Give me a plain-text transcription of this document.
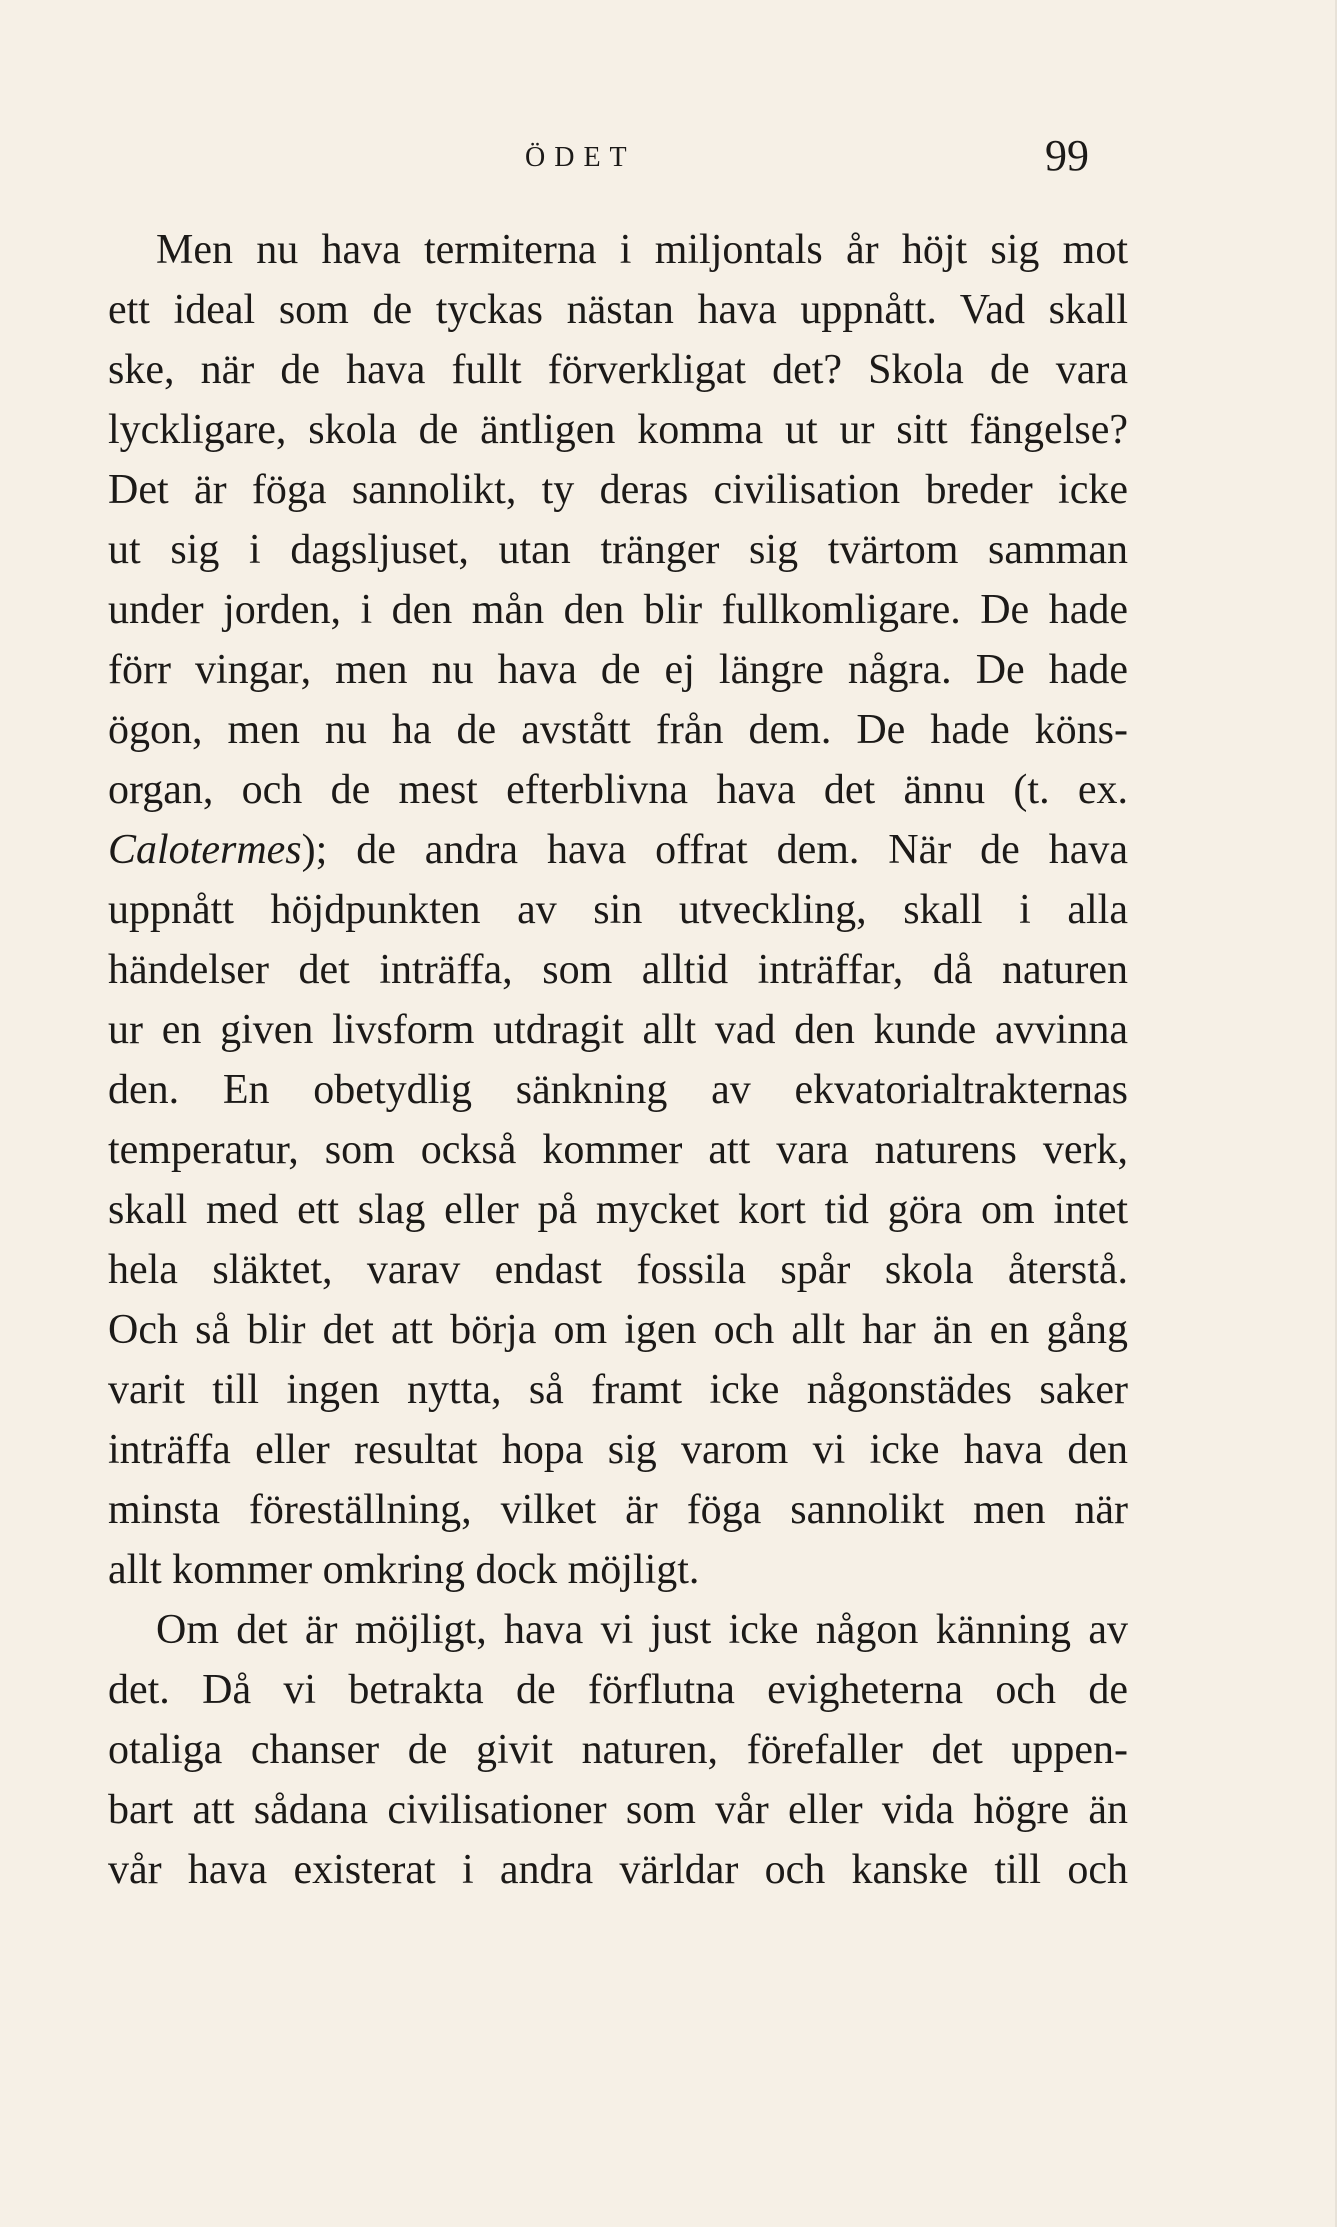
ÖDET	99
Men nu hava termiterna i miljontals år höjt sig mot
ett ideal som de tyckas nästan hava uppnått. Vad skall
ske, när de hava fullt förverkligat det? Skola de vara
lyckligare, skola de äntligen komma ut ur sitt fängelse?
Det är föga sannolikt, ty deras civilisation breder icke
ut sig i dagsljuset, utan tränger sig tvärtom samman
under jorden, i den mån den blir fullkomligare. De hade
förr vingar, men nu hava de ej längre några. De hade
ögon, men nu ha de avstått från dem. De hade köns-
organ, och de mest efterblivna hava det ännu (t. ex.
Calotermes); de andra hava offrat dem. När de hava
uppnått höjdpunkten av sin utveckling, skall i alla
händelser det inträffa, som alltid inträffar, då naturen
ur en given livsform utdragit allt vad den kunde avvinna
den. En obetydlig sänkning av ekvatorialtrakternas
temperatur, som också kommer att vara naturens verk,
skall med ett slag eller på mycket kort tid göra om intet
hela släktet, varav endast fossila spår skola återstå.
Och så blir det att börja om igen och allt har än en gång
varit till ingen nytta, så framt icke någonstädes saker
inträffa eller resultat hopa sig varom vi icke hava den
minsta föreställning, vilket är föga sannolikt men när
allt kommer omkring dock möjligt.
Om det är möjligt, hava vi just icke någon känning av
det. Då vi betrakta de förflutna evigheterna och de
otaliga chanser de givit naturen, förefaller det uppen-
bart att sådana civilisationer som vår eller vida högre än
vår hava existerat i andra världar och kanske till och
